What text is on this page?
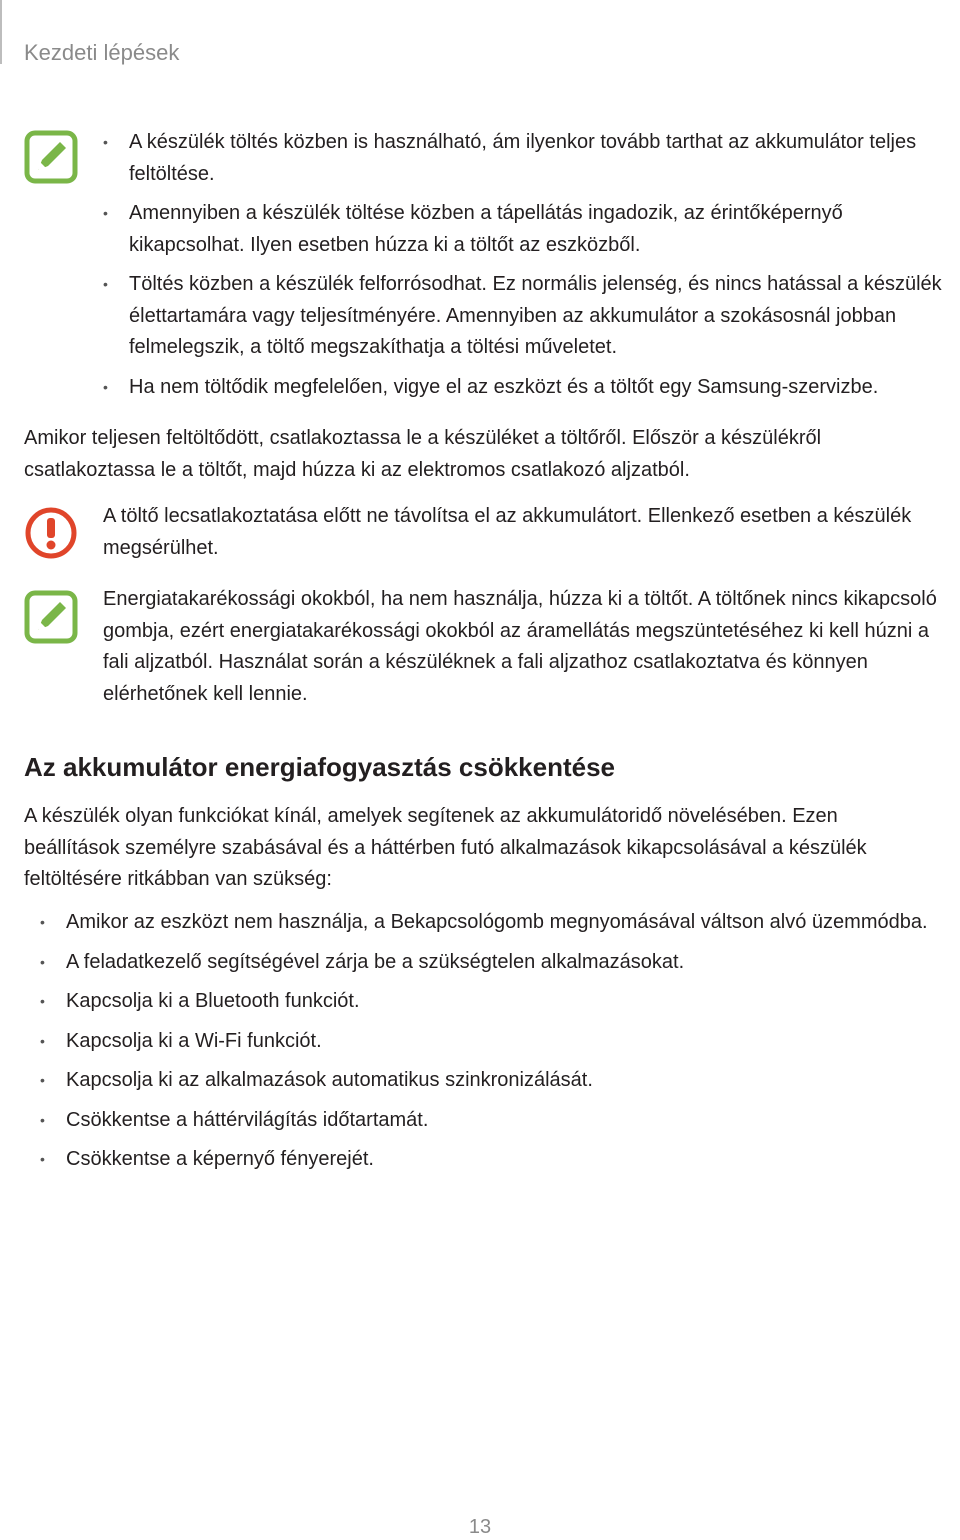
Kezdeti lépések
• A készülék töltés közben is használható, ám ilyenkor tovább tarthat az akkumulátor teljes feltöltése.
• Amennyiben a készülék töltése közben a tápellátás ingadozik, az érintőképernyő kikapcsolhat. Ilyen esetben húzza ki a töltőt az eszközből.
• Töltés közben a készülék felforrósodhat. Ez normális jelenség, és nincs hatással a készülék élettartamára vagy teljesítményére. Amennyiben az akkumulátor a szokásosnál jobban felmelegszik, a töltő megszakíthatja a töltési műveletet.
• Ha nem töltődik megfelelően, vigye el az eszközt és a töltőt egy Samsung-szervizbe.

Amikor teljesen feltöltődött, csatlakoztassa le a készüléket a töltőről. Először a készülékről csatlakoztassa le a töltőt, majd húzza ki az elektromos csatlakozó aljzatból.

A töltő lecsatlakoztatása előtt ne távolítsa el az akkumulátort. Ellenkező esetben a készülék megsérülhet.

Energiatakarékossági okokból, ha nem használja, húzza ki a töltőt. A töltőnek nincs kikapcsoló gombja, ezért energiatakarékossági okokból az áramellátás megszüntetéséhez ki kell húzni a fali aljzatból. Használat során a készüléknek a fali aljzathoz csatlakoztatva és könnyen elérhetőnek kell lennie.

Az akkumulátor energiafogyasztás csökkentése

A készülék olyan funkciókat kínál, amelyek segítenek az akkumulátoridő növelésében. Ezen beállítások személyre szabásával és a háttérben futó alkalmazások kikapcsolásával a készülék feltöltésére ritkábban van szükség:

• Amikor az eszközt nem használja, a Bekapcsológomb megnyomásával váltson alvó üzemmódba.
• A feladatkezelő segítségével zárja be a szükségtelen alkalmazásokat.
• Kapcsolja ki a Bluetooth funkciót.
• Kapcsolja ki a Wi-Fi funkciót.
• Kapcsolja ki az alkalmazások automatikus szinkronizálását.
• Csökkentse a háttérvilágítás időtartamát.
• Csökkentse a képernyő fényerejét.
13
